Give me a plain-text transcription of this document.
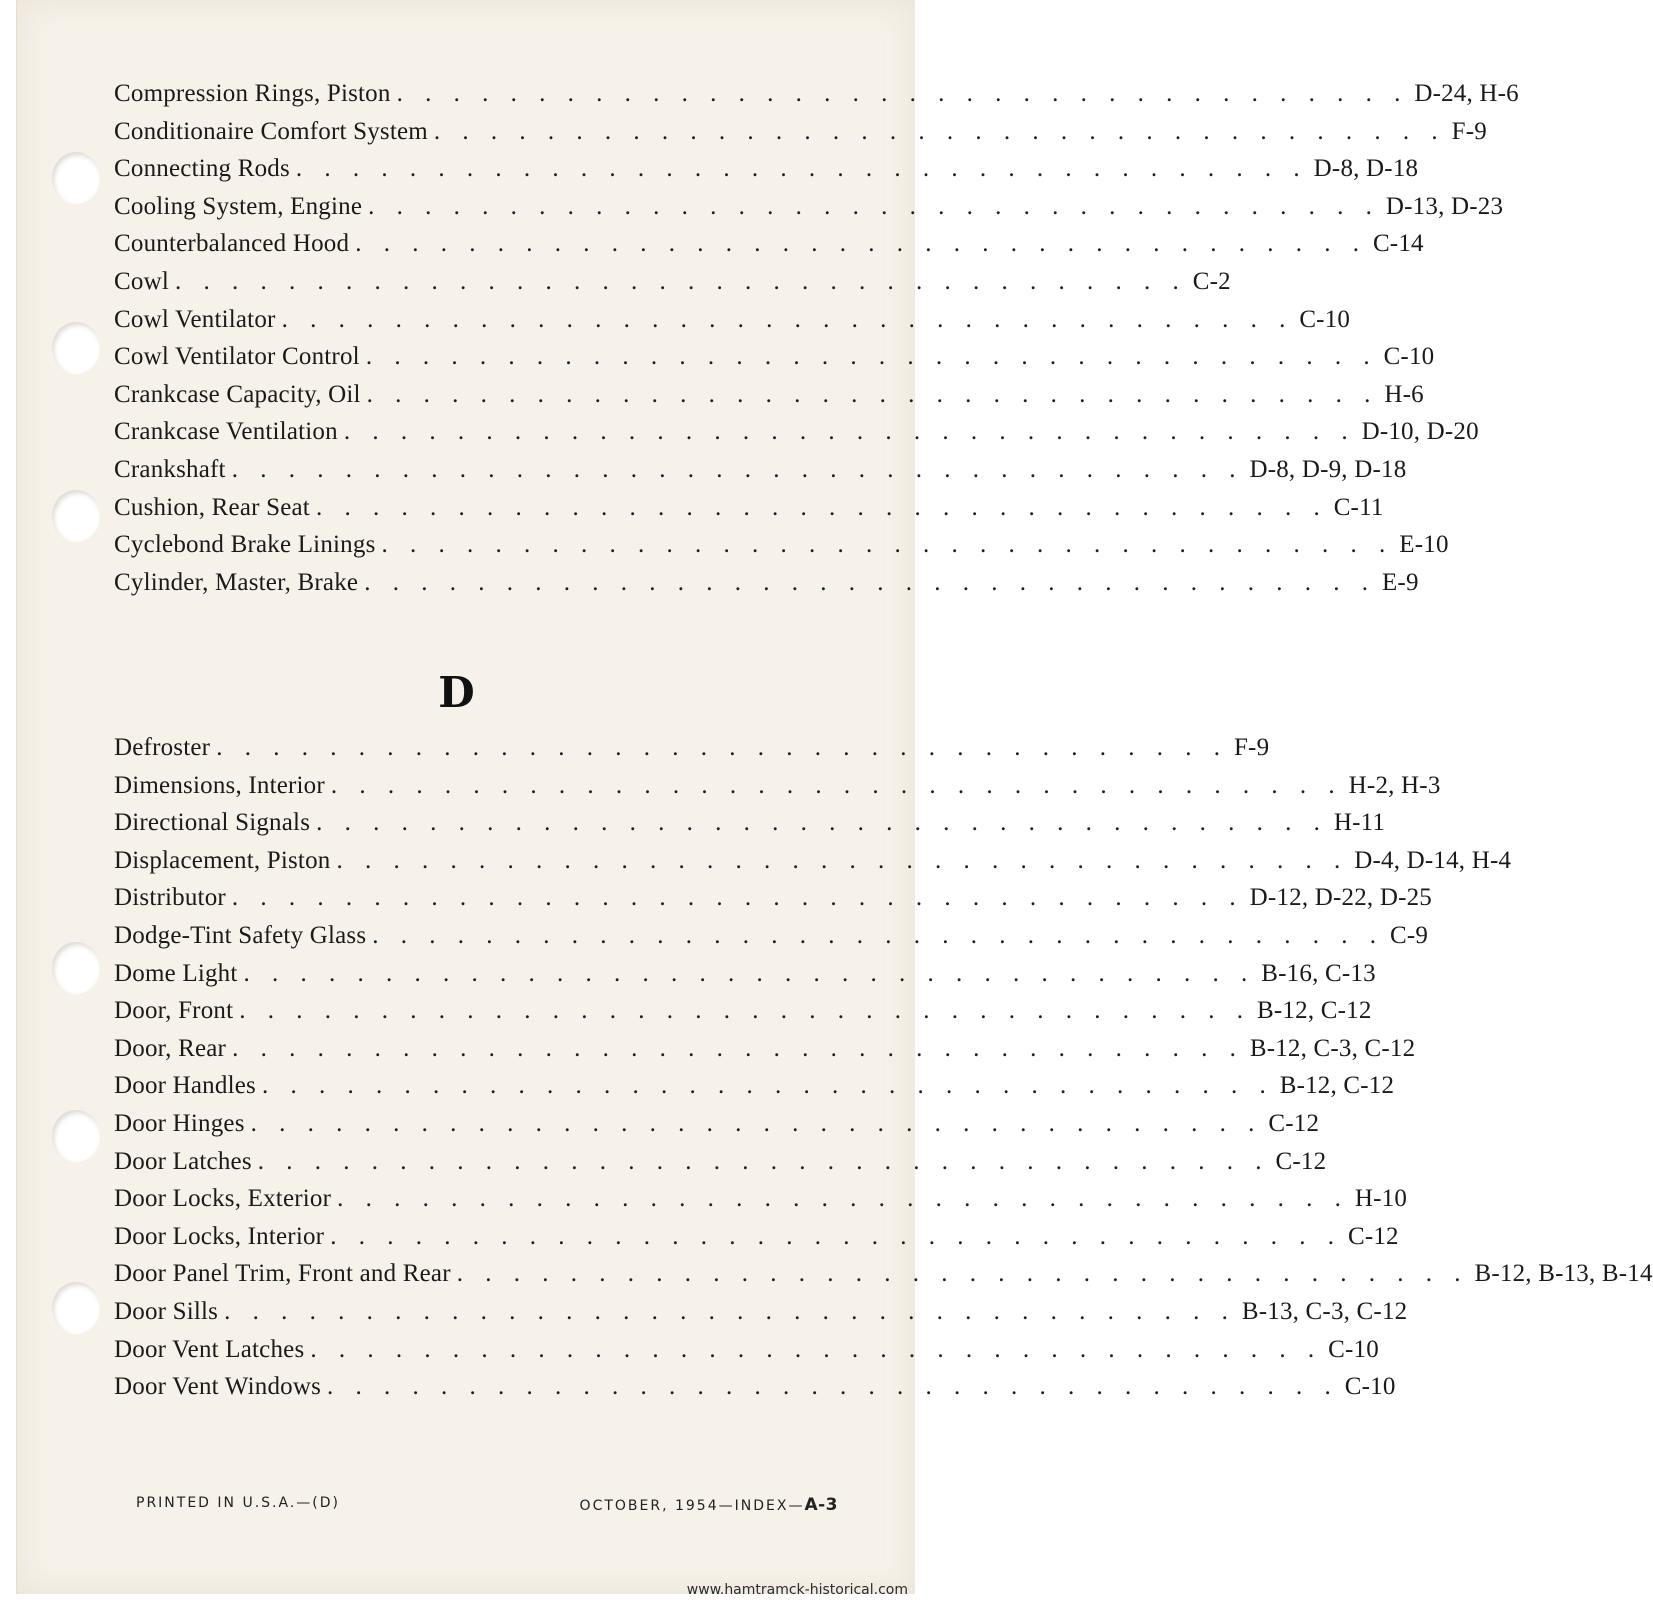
Compression Rings, Piston . . . . . . . . . . . . . . . . . . . . . . . . . . . . . . . . . . . . D-24, H-6
Conditionaire Comfort System . . . . . . . . . . . . . . . . . . . . . . . . . . . . . . . . . . . . F-9
Connecting Rods . . . . . . . . . . . . . . . . . . . . . . . . . . . . . . . . . . . . D-8, D-18
Cooling System, Engine . . . . . . . . . . . . . . . . . . . . . . . . . . . . . . . . . . . . D-13, D-23
Counterbalanced Hood . . . . . . . . . . . . . . . . . . . . . . . . . . . . . . . . . . . . C-14
Cowl . . . . . . . . . . . . . . . . . . . . . . . . . . . . . . . . . . . . C-2
Cowl Ventilator . . . . . . . . . . . . . . . . . . . . . . . . . . . . . . . . . . . . C-10
Cowl Ventilator Control . . . . . . . . . . . . . . . . . . . . . . . . . . . . . . . . . . . . C-10
Crankcase Capacity, Oil . . . . . . . . . . . . . . . . . . . . . . . . . . . . . . . . . . . . H-6
Crankcase Ventilation . . . . . . . . . . . . . . . . . . . . . . . . . . . . . . . . . . . . D-10, D-20
Crankshaft . . . . . . . . . . . . . . . . . . . . . . . . . . . . . . . . . . . . D-8, D-9, D-18
Cushion, Rear Seat . . . . . . . . . . . . . . . . . . . . . . . . . . . . . . . . . . . . C-11
Cyclebond Brake Linings . . . . . . . . . . . . . . . . . . . . . . . . . . . . . . . . . . . . E-10
Cylinder, Master, Brake . . . . . . . . . . . . . . . . . . . . . . . . . . . . . . . . . . . . E-9
D
Defroster . . . . . . . . . . . . . . . . . . . . . . . . . . . . . . . . . . . . F-9
Dimensions, Interior . . . . . . . . . . . . . . . . . . . . . . . . . . . . . . . . . . . . H-2, H-3
Directional Signals . . . . . . . . . . . . . . . . . . . . . . . . . . . . . . . . . . . . H-11
Displacement, Piston . . . . . . . . . . . . . . . . . . . . . . . . . . . . . . . . . . . . D-4, D-14, H-4
Distributor . . . . . . . . . . . . . . . . . . . . . . . . . . . . . . . . . . . . D-12, D-22, D-25
Dodge-Tint Safety Glass . . . . . . . . . . . . . . . . . . . . . . . . . . . . . . . . . . . . C-9
Dome Light . . . . . . . . . . . . . . . . . . . . . . . . . . . . . . . . . . . . B-16, C-13
Door, Front . . . . . . . . . . . . . . . . . . . . . . . . . . . . . . . . . . . . B-12, C-12
Door, Rear . . . . . . . . . . . . . . . . . . . . . . . . . . . . . . . . . . . . B-12, C-3, C-12
Door Handles . . . . . . . . . . . . . . . . . . . . . . . . . . . . . . . . . . . . B-12, C-12
Door Hinges . . . . . . . . . . . . . . . . . . . . . . . . . . . . . . . . . . . . C-12
Door Latches . . . . . . . . . . . . . . . . . . . . . . . . . . . . . . . . . . . . C-12
Door Locks, Exterior . . . . . . . . . . . . . . . . . . . . . . . . . . . . . . . . . . . . H-10
Door Locks, Interior . . . . . . . . . . . . . . . . . . . . . . . . . . . . . . . . . . . . C-12
Door Panel Trim, Front and Rear . . . . . . . . . . . . . . . . . . . . . . . . . . . . . . . . . . . . B-12, B-13, B-14
Door Sills . . . . . . . . . . . . . . . . . . . . . . . . . . . . . . . . . . . . B-13, C-3, C-12
Door Vent Latches . . . . . . . . . . . . . . . . . . . . . . . . . . . . . . . . . . . . C-10
Door Vent Windows . . . . . . . . . . . . . . . . . . . . . . . . . . . . . . . . . . . . C-10
PRINTED IN U.S.A.—(D)	OCTOBER, 1954—INDEX—A-3
www.hamtramck-historical.com
